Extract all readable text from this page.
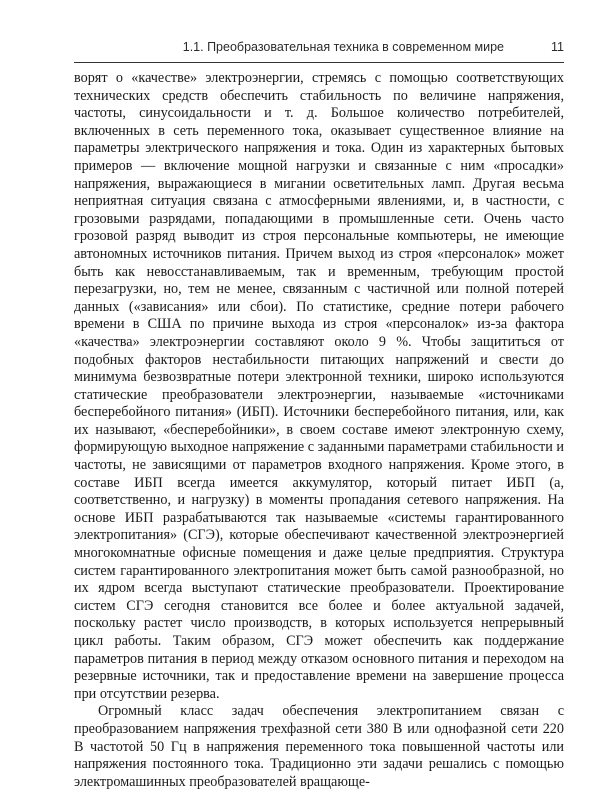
1.1. Преобразовательная техника в современном мире	11

ворят о «качестве» электроэнергии, стремясь с помощью соответствующих технических средств обеспечить стабильность по величине напряжения, частоты, синусоидальности и т. д. Большое количество потребителей, включенных в сеть переменного тока, оказывает существенное влияние на параметры электрического напряжения и тока. Один из характерных бытовых примеров — включение мощной нагрузки и связанные с ним «просадки» напряжения, выражающиеся в мигании осветительных ламп. Другая весьма неприятная ситуация связана с атмосферными явлениями, и, в частности, с грозовыми разрядами, попадающими в промышленные сети. Очень часто грозовой разряд выводит из строя персональные компьютеры, не имеющие автономных источников питания. Причем выход из строя «персоналок» может быть как невосстанавливаемым, так и временным, требующим простой перезагрузки, но, тем не менее, связанным с частичной или полной потерей данных («зависания» или сбои). По статистике, средние потери рабочего времени в США по причине выхода из строя «персоналок» из-за фактора «качества» электроэнергии составляют около 9 %. Чтобы защититься от подобных факторов нестабильности питающих напряжений и свести до минимума безвозвратные потери электронной техники, широко используются статические преобразователи электроэнергии, называемые «источниками бесперебойного питания» (ИБП). Источники бесперебойного питания, или, как их называют, «бесперебойники», в своем составе имеют электронную схему, формирующую выходное напряжение с заданными параметрами стабильности и частоты, не зависящими от параметров входного напряжения. Кроме этого, в составе ИБП всегда имеется аккумулятор, который питает ИБП (а, соответственно, и нагрузку) в моменты пропадания сетевого напряжения. На основе ИБП разрабатываются так называемые «системы гарантированного электропитания» (СГЭ), которые обеспечивают качественной электроэнергией многокомнатные офисные помещения и даже целые предприятия. Структура систем гарантированного электропитания может быть самой разнообразной, но их ядром всегда выступают статические преобразователи. Проектирование систем СГЭ сегодня становится все более и более актуальной задачей, поскольку растет число производств, в которых используется непрерывный цикл работы. Таким образом, СГЭ может обеспечить как поддержание параметров питания в период между отказом основного питания и переходом на резервные источники, так и предоставление времени на завершение процесса при отсутствии резерва.

Огромный класс задач обеспечения электропитанием связан с преобразованием напряжения трехфазной сети 380 В или однофазной сети 220 В частотой 50 Гц в напряжения переменного тока повышенной частоты или напряжения постоянного тока. Традиционно эти задачи решались с помощью электромашинных преобразователей вращающе-
